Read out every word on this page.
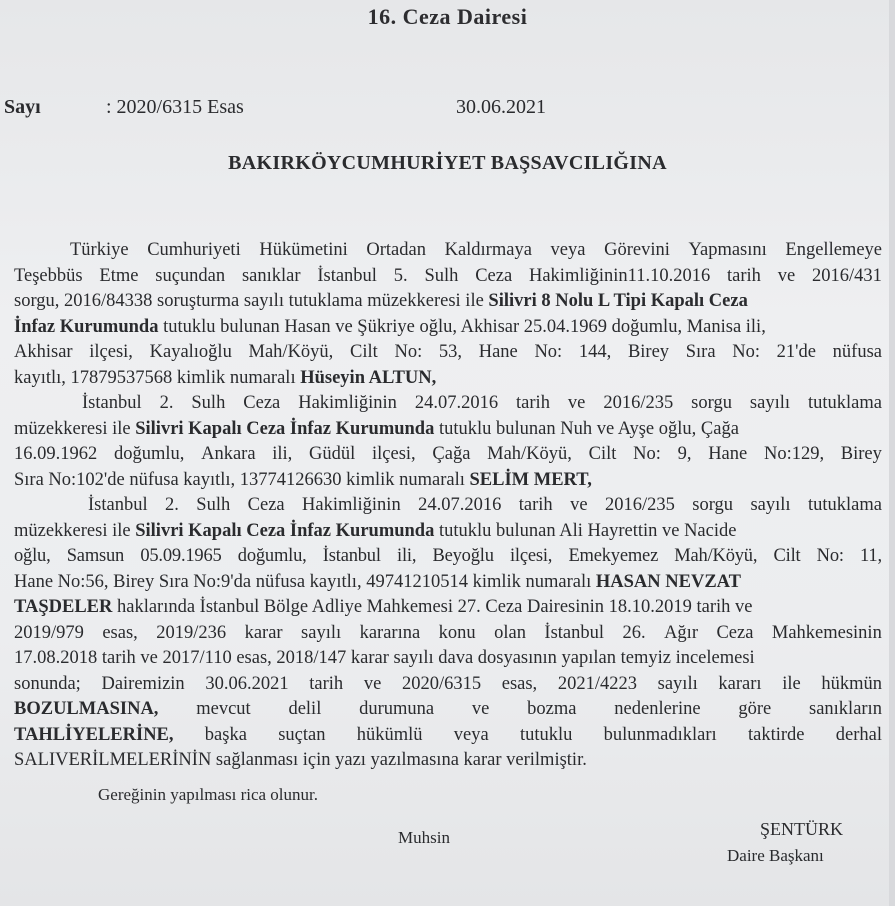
16. Ceza Dairesi
Sayı	: 2020/6315 Esas	30.06.2021
BAKIRKÖYCUMHURİYET BAŞSAVCILIĞINA
Türkiye Cumhuriyeti Hükümetini Ortadan Kaldırmaya veya Görevini Yapmasını Engellemeye
Teşebbüs Etme suçundan sanıklar İstanbul 5. Sulh Ceza Hakimliğinin11.10.2016 tarih ve 2016/431
sorgu, 2016/84338 soruşturma sayılı tutuklama müzekkeresi ile Silivri 8 Nolu L Tipi Kapalı Ceza
İnfaz Kurumunda tutuklu bulunan Hasan ve Şükriye oğlu, Akhisar 25.04.1969 doğumlu, Manisa ili,
Akhisar ilçesi, Kayalıoğlu Mah/Köyü, Cilt No: 53, Hane No: 144, Birey Sıra No: 21'de nüfusa
kayıtlı, 17879537568 kimlik numaralı Hüseyin ALTUN,
İstanbul 2. Sulh Ceza Hakimliğinin 24.07.2016 tarih ve 2016/235 sorgu sayılı tutuklama
müzekkeresi ile Silivri Kapalı Ceza İnfaz Kurumunda tutuklu bulunan Nuh ve Ayşe oğlu, Çağa
16.09.1962 doğumlu, Ankara ili, Güdül ilçesi, Çağa Mah/Köyü, Cilt No: 9, Hane No:129, Birey
Sıra No:102'de nüfusa kayıtlı, 13774126630 kimlik numaralı SELİM MERT,
İstanbul 2. Sulh Ceza Hakimliğinin 24.07.2016 tarih ve 2016/235 sorgu sayılı tutuklama
müzekkeresi ile Silivri Kapalı Ceza İnfaz Kurumunda tutuklu bulunan Ali Hayrettin ve Nacide
oğlu, Samsun 05.09.1965 doğumlu, İstanbul ili, Beyoğlu ilçesi, Emekyemez Mah/Köyü, Cilt No: 11,
Hane No:56, Birey Sıra No:9'da nüfusa kayıtlı, 49741210514 kimlik numaralı HASAN NEVZAT
TAŞDELER haklarında İstanbul Bölge Adliye Mahkemesi 27. Ceza Dairesinin 18.10.2019 tarih ve
2019/979 esas, 2019/236 karar sayılı kararına konu olan İstanbul 26. Ağır Ceza Mahkemesinin
17.08.2018 tarih ve 2017/110 esas, 2018/147 karar sayılı dava dosyasının yapılan temyiz incelemesi
sonunda; Dairemizin 30.06.2021 tarih ve 2020/6315 esas, 2021/4223 sayılı kararı ile hükmün
BOZULMASINA, mevcut delil durumuna ve bozma nedenlerine göre sanıkların
TAHLİYELERİNE, başka suçtan hükümlü veya tutuklu bulunmadıkları taktirde derhal
SALIVERİLMELERİNİN sağlanması için yazı yazılmasına karar verilmiştir.
Gereğinin yapılması rica olunur.
Muhsin	ŞENTÜRK
Daire Başkanı
